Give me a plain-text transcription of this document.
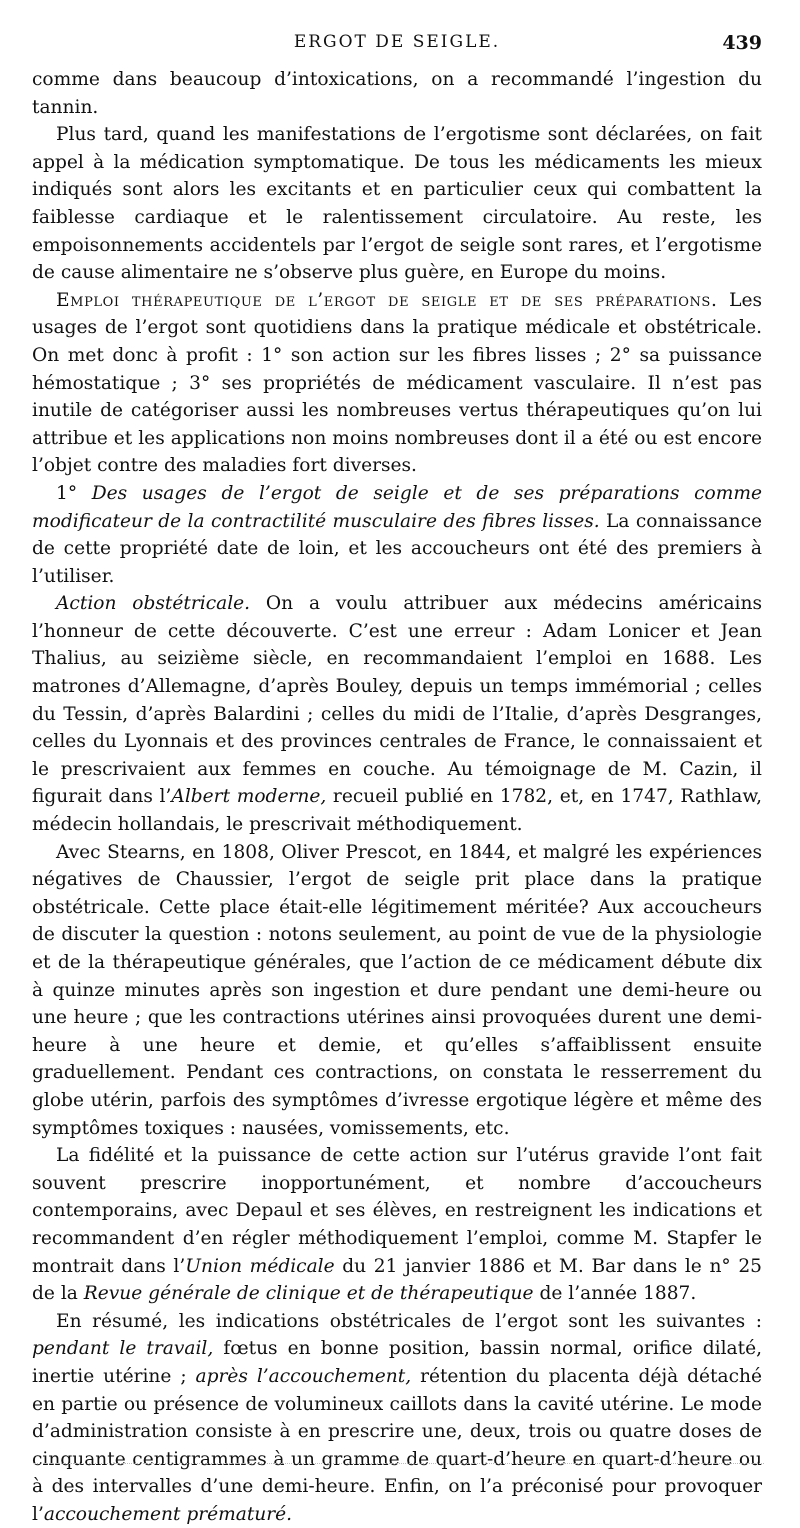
ERGOT DE SEIGLE.	439

comme dans beaucoup d’intoxications, on a recommandé l’ingestion du tannin.

Plus tard, quand les manifestations de l’ergotisme sont déclarées, on fait appel à la médication symptomatique. De tous les médicaments les mieux indiqués sont alors les excitants et en particulier ceux qui combattent la faiblesse cardiaque et le ralentissement circulatoire. Au reste, les empoisonnements accidentels par l’ergot de seigle sont rares, et l’ergotisme de cause alimentaire ne s’observe plus guère, en Europe du moins.

Emploi thérapeutique de l’ergot de seigle et de ses préparations. Les usages de l’ergot sont quotidiens dans la pratique médicale et obstétricale. On met donc à profit : 1° son action sur les fibres lisses ; 2° sa puissance hémostatique ; 3° ses propriétés de médicament vasculaire. Il n’est pas inutile de catégoriser aussi les nombreuses vertus thérapeutiques qu’on lui attribue et les applications non moins nombreuses dont il a été ou est encore l’objet contre des maladies fort diverses.

1° Des usages de l’ergot de seigle et de ses préparations comme modificateur de la contractilité musculaire des fibres lisses. La connaissance de cette propriété date de loin, et les accoucheurs ont été des premiers à l’utiliser.

Action obstétricale. On a voulu attribuer aux médecins américains l’honneur de cette découverte. C’est une erreur : Adam Lonicer et Jean Thalius, au seizième siècle, en recommandaient l’emploi en 1688. Les matrones d’Allemagne, d’après Bouley, depuis un temps immémorial ; celles du Tessin, d’après Balardini ; celles du midi de l’Italie, d’après Desgranges, celles du Lyonnais et des provinces centrales de France, le connaissaient et le prescrivaient aux femmes en couche. Au témoignage de M. Cazin, il figurait dans l’Albert moderne, recueil publié en 1782, et, en 1747, Rathlaw, médecin hollandais, le prescrivait méthodiquement.

Avec Stearns, en 1808, Oliver Prescot, en 1844, et malgré les expériences négatives de Chaussier, l’ergot de seigle prit place dans la pratique obstétricale. Cette place était-elle légitimement méritée? Aux accoucheurs de discuter la question : notons seulement, au point de vue de la physiologie et de la thérapeutique générales, que l’action de ce médicament débute dix à quinze minutes après son ingestion et dure pendant une demi-heure ou une heure ; que les contractions utérines ainsi provoquées durent une demi-heure à une heure et demie, et qu’elles s’affaiblissent ensuite graduellement. Pendant ces contractions, on constata le resserrement du globe utérin, parfois des symptômes d’ivresse ergotique légère et même des symptômes toxiques : nausées, vomissements, etc.

La fidélité et la puissance de cette action sur l’utérus gravide l’ont fait souvent prescrire inopportunément, et nombre d’accoucheurs contemporains, avec Depaul et ses élèves, en restreignent les indications et recommandent d’en régler méthodiquement l’emploi, comme M. Stapfer le montrait dans l’Union médicale du 21 janvier 1886 et M. Bar dans le n° 25 de la Revue générale de clinique et de thérapeutique de l’année 1887.

En résumé, les indications obstétricales de l’ergot sont les suivantes : pendant le travail, fœtus en bonne position, bassin normal, orifice dilaté, inertie utérine ; après l’accouchement, rétention du placenta déjà détaché en partie ou présence de volumineux caillots dans la cavité utérine. Le mode d’administration consiste à en prescrire une, deux, trois ou quatre doses de cinquante centigrammes à un gramme de quart-d’heure en quart-d’heure ou à des intervalles d’une demi-heure. Enfin, on l’a préconisé pour provoquer l’accouchement prématuré.
